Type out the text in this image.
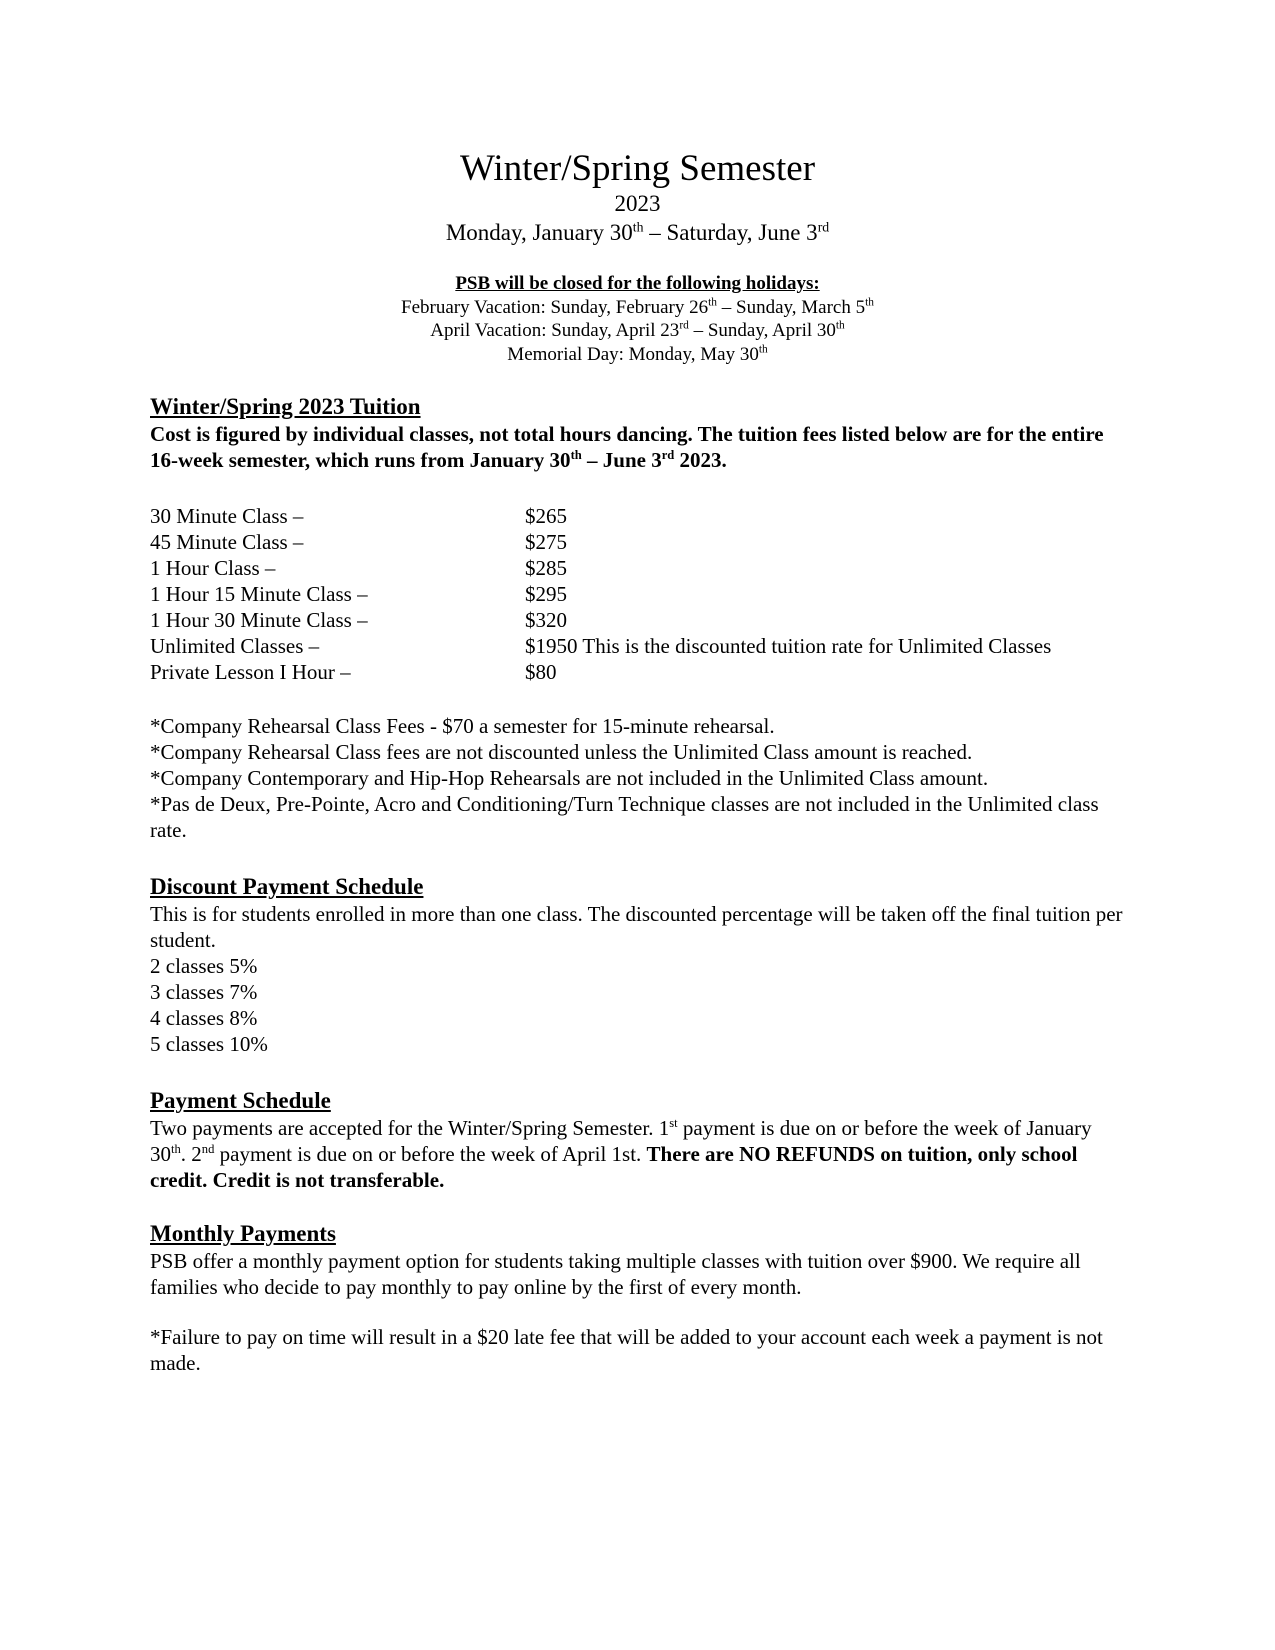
Winter/Spring Semester
2023
Monday, January 30th – Saturday, June 3rd
PSB will be closed for the following holidays:
February Vacation: Sunday, February 26th – Sunday, March 5th
April Vacation: Sunday, April 23rd – Sunday, April 30th
Memorial Day: Monday, May 30th
Winter/Spring 2023 Tuition
Cost is figured by individual classes, not total hours dancing. The tuition fees listed below are for the entire 16-week semester, which runs from January 30th – June 3rd 2023.
30 Minute Class –	$265
45 Minute Class –	$275
1 Hour Class –	$285
1 Hour 15 Minute Class –	$295
1 Hour 30 Minute Class –	$320
Unlimited Classes –	$1950 This is the discounted tuition rate for Unlimited Classes
Private Lesson I Hour –	$80
*Company Rehearsal Class Fees - $70 a semester for 15-minute rehearsal.
*Company Rehearsal Class fees are not discounted unless the Unlimited Class amount is reached.
*Company Contemporary and Hip-Hop Rehearsals are not included in the Unlimited Class amount.
*Pas de Deux, Pre-Pointe, Acro and Conditioning/Turn Technique classes are not included in the Unlimited class rate.
Discount Payment Schedule
This is for students enrolled in more than one class. The discounted percentage will be taken off the final tuition per student.
2 classes 5%
3 classes 7%
4 classes 8%
5 classes 10%
Payment Schedule
Two payments are accepted for the Winter/Spring Semester. 1st payment is due on or before the week of January 30th. 2nd payment is due on or before the week of April 1st. There are NO REFUNDS on tuition, only school credit. Credit is not transferable.
Monthly Payments
PSB offer a monthly payment option for students taking multiple classes with tuition over $900. We require all families who decide to pay monthly to pay online by the first of every month.
*Failure to pay on time will result in a $20 late fee that will be added to your account each week a payment is not made.
